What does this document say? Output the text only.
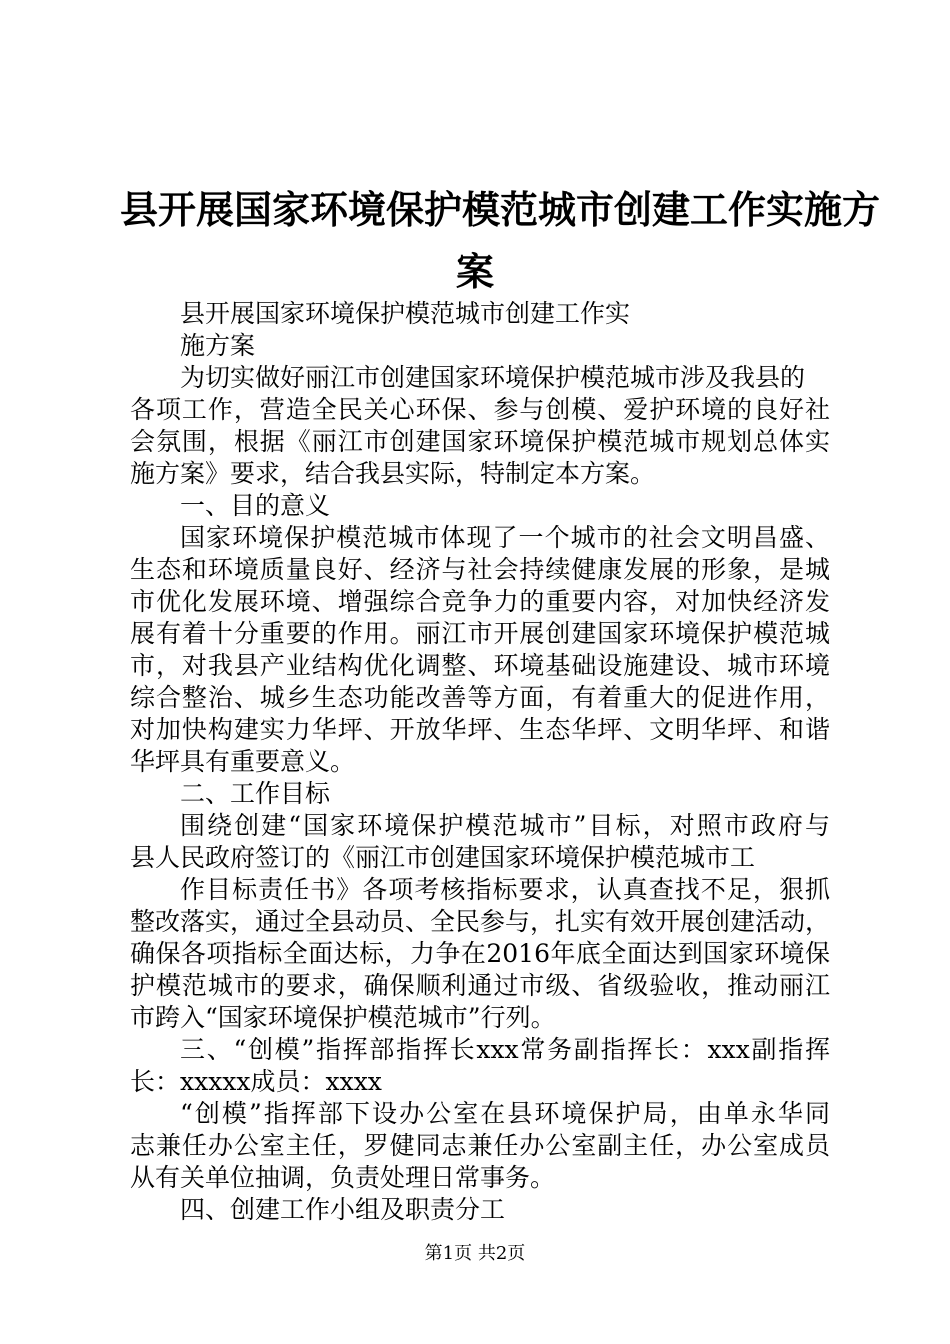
县开展国家环境保护模范城市创建工作实施方
案
县开展国家环境保护模范城市创建工作实
施方案
为切实做好丽江市创建国家环境保护模范城市涉及我县的
各项工作，营造全民关心环保、参与创模、爱护环境的良好社
会氛围，根据《丽江市创建国家环境保护模范城市规划总体实
施方案》要求，结合我县实际，特制定本方案。
一、目的意义
国家环境保护模范城市体现了一个城市的社会文明昌盛、
生态和环境质量良好、经济与社会持续健康发展的形象，是城
市优化发展环境、增强综合竞争力的重要内容，对加快经济发
展有着十分重要的作用。丽江市开展创建国家环境保护模范城
市，对我县产业结构优化调整、环境基础设施建设、城市环境
综合整治、城乡生态功能改善等方面，有着重大的促进作用，
对加快构建实力华坪、开放华坪、生态华坪、文明华坪、和谐
华坪具有重要意义。
二、工作目标
围绕创建“国家环境保护模范城市”目标，对照市政府与
县人民政府签订的《丽江市创建国家环境保护模范城市工
作目标责任书》各项考核指标要求，认真查找不足，狠抓
整改落实，通过全县动员、全民参与，扎实有效开展创建活动，
确保各项指标全面达标，力争在2016年底全面达到国家环境保
护模范城市的要求，确保顺利通过市级、省级验收，推动丽江
市跨入“国家环境保护模范城市”行列。
三、“创模”指挥部指挥长xxx常务副指挥长：xxx副指挥
长：xxxxx成员：xxxx
“创模”指挥部下设办公室在县环境保护局，由单永华同
志兼任办公室主任，罗健同志兼任办公室副主任，办公室成员
从有关单位抽调，负责处理日常事务。
四、创建工作小组及职责分工
第1页 共2页
